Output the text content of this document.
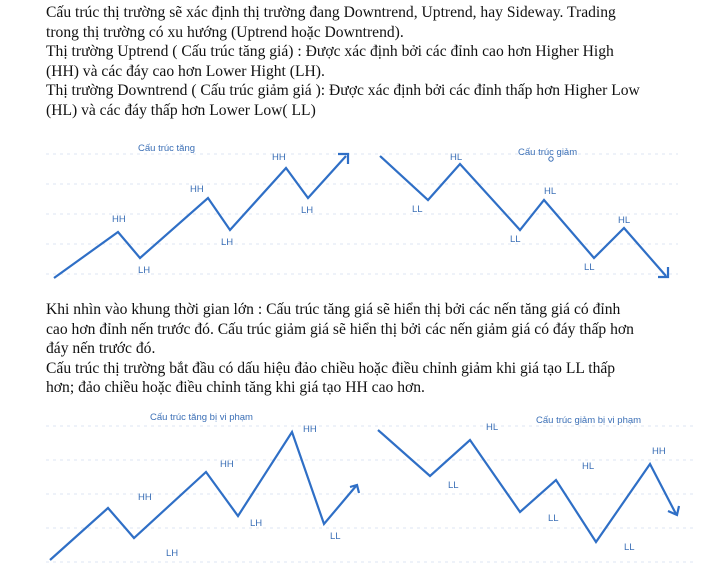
Cấu trúc thị trường sẽ xác định thị trường đang Downtrend, Uptrend, hay Sideway. Trading

trong thị trường có xu hướng (Uptrend hoặc Downtrend).

Thị trường Uptrend ( Cấu trúc tăng giá) : Được xác định bởi các đỉnh cao hơn Higher High

(HH) và các đáy cao hơn Lower Hight (LH).

Thị trường Downtrend ( Cấu trúc giảm giá ): Được xác định bởi các đỉnh thấp hơn Higher Low

(HL) và các đáy thấp hơn Lower Low( LL)

Cấu trúc tăng
HH
LH
HH
LH
HH
LH
Cấu trúc giảm
HL
LL
HL
LL
HL
LL

Khi nhìn vào khung thời gian lớn : Cấu trúc tăng giá sẽ hiển thị bởi các nến tăng giá có đỉnh

cao hơn đỉnh nến trước đó. Cấu trúc giảm giá sẽ hiển thị bởi các nến giảm giá có đáy thấp hơn

đáy nến trước đó.

Cấu trúc thị trường bắt đầu có dấu hiệu đảo chiều hoặc điều chỉnh giảm khi giá tạo LL thấp

hơn; đảo chiều hoặc điều chỉnh tăng khi giá tạo HH cao hơn.

Cấu trúc tăng bị vi phạm
HH
LH
HH
LH
HH
LL
Cấu trúc giảm bị vi phạm
HL
LL
HL
LL
HH
LL
